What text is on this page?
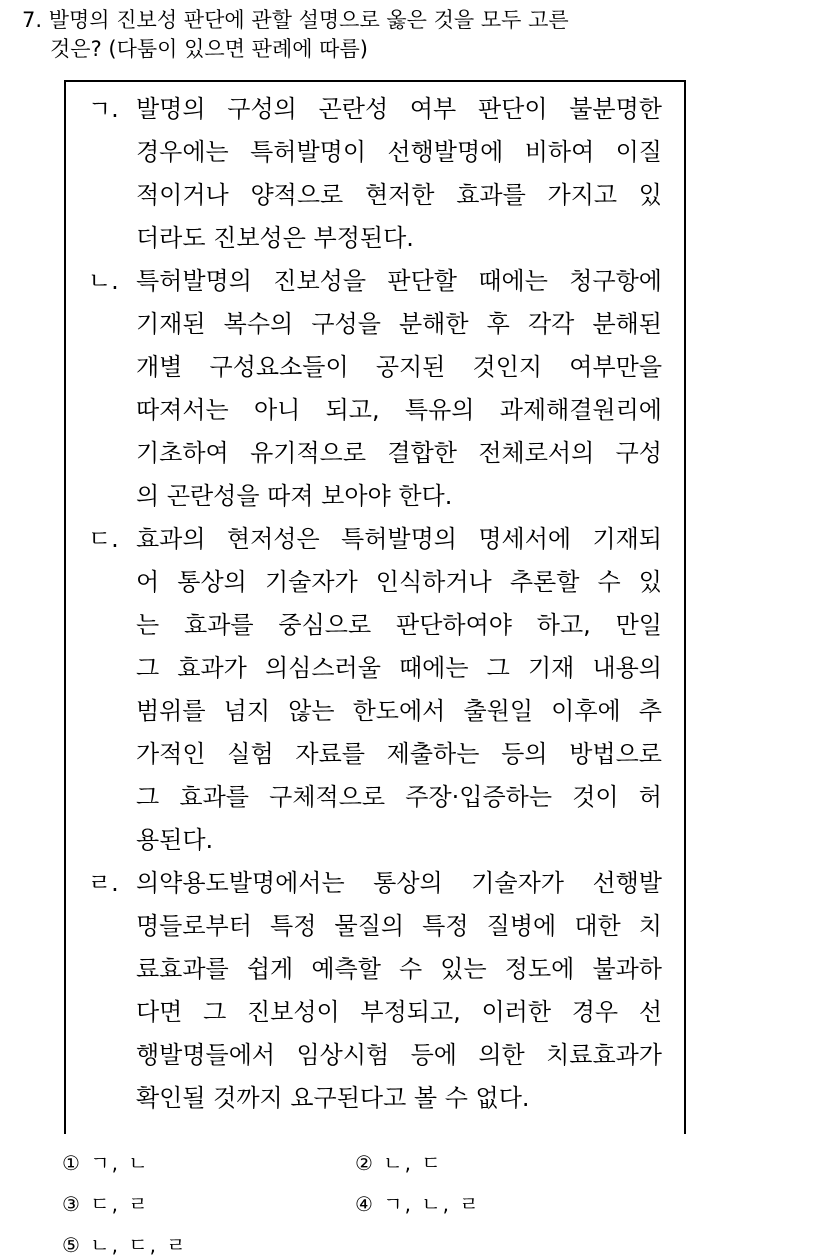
7. 발명의 진보성 판단에 관할 설명으로 옳은 것을 모두 고른
것은? (다툼이 있으면 판례에 따름)
ㄱ. 발명의 구성의 곤란성 여부 판단이 불분명한
경우에는 특허발명이 선행발명에 비하여 이질
적이거나 양적으로 현저한 효과를 가지고 있
더라도 진보성은 부정된다.
ㄴ. 특허발명의 진보성을 판단할 때에는 청구항에
기재된 복수의 구성을 분해한 후 각각 분해된
개별 구성요소들이 공지된 것인지 여부만을
따져서는 아니 되고, 특유의 과제해결원리에
기초하여 유기적으로 결합한 전체로서의 구성
의 곤란성을 따져 보아야 한다.
ㄷ. 효과의 현저성은 특허발명의 명세서에 기재되
어 통상의 기술자가 인식하거나 추론할 수 있
는 효과를 중심으로 판단하여야 하고, 만일
그 효과가 의심스러울 때에는 그 기재 내용의
범위를 넘지 않는 한도에서 출원일 이후에 추
가적인 실험 자료를 제출하는 등의 방법으로
그 효과를 구체적으로 주장·입증하는 것이 허
용된다.
ㄹ. 의약용도발명에서는 통상의 기술자가 선행발
명들로부터 특정 물질의 특정 질병에 대한 치
료효과를 쉽게 예측할 수 있는 정도에 불과하
다면 그 진보성이 부정되고, 이러한 경우 선
행발명들에서 임상시험 등에 의한 치료효과가
확인될 것까지 요구된다고 볼 수 없다.
① ㄱ, ㄴ	② ㄴ, ㄷ
③ ㄷ, ㄹ	④ ㄱ, ㄴ, ㄹ
⑤ ㄴ, ㄷ, ㄹ
